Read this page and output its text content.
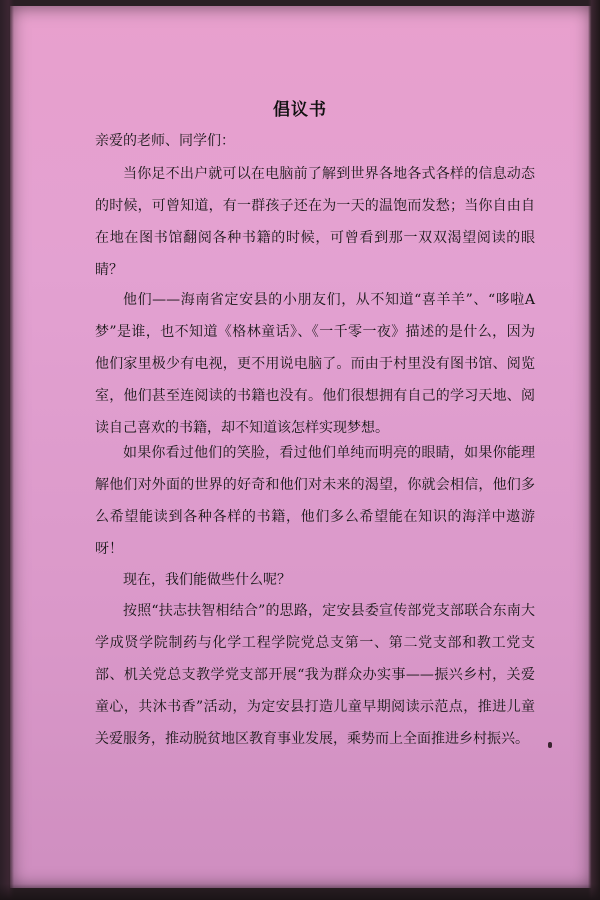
倡议书
亲爱的老师、同学们：
当你足不出户就可以在电脑前了解到世界各地各式各样的信息动态的时候，可曾知道，有一群孩子还在为一天的温饱而发愁；当你自由自在地在图书馆翻阅各种书籍的时候，可曾看到那一双双渴望阅读的眼睛？
他们——海南省定安县的小朋友们，从不知道“喜羊羊”、“哆啦A梦”是谁，也不知道《格林童话》、《一千零一夜》描述的是什么，因为他们家里极少有电视，更不用说电脑了。而由于村里没有图书馆、阅览室，他们甚至连阅读的书籍也没有。他们很想拥有自己的学习天地、阅读自己喜欢的书籍，却不知道该怎样实现梦想。
如果你看过他们的笑脸，看过他们单纯而明亮的眼睛，如果你能理解他们对外面的世界的好奇和他们对未来的渴望，你就会相信，他们多么希望能读到各种各样的书籍，他们多么希望能在知识的海洋中遨游呀！
现在，我们能做些什么呢？
按照“扶志扶智相结合”的思路，定安县委宣传部党支部联合东南大学成贤学院制药与化学工程学院党总支第一、第二党支部和教工党支部、机关党总支教学党支部开展“我为群众办实事——振兴乡村，关爱童心，共沐书香”活动，为定安县打造儿童早期阅读示范点，推进儿童关爱服务，推动脱贫地区教育事业发展，乘势而上全面推进乡村振兴。
